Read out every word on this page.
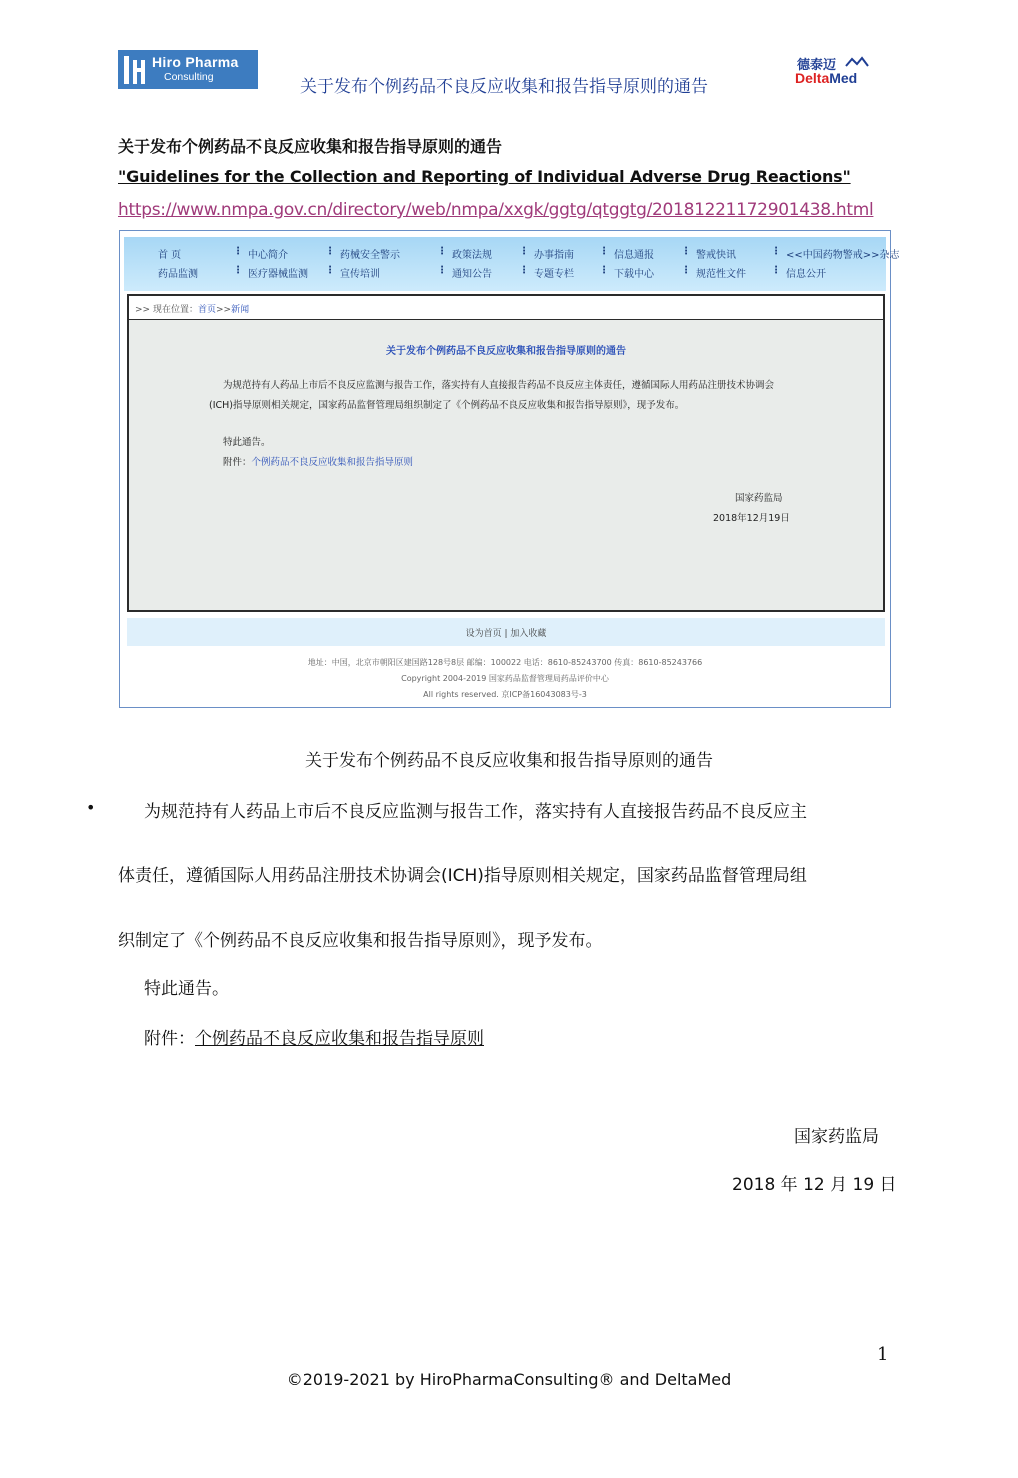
Hiro Pharma
Consulting	关于发布个例药品不良反应收集和报告指导原则的通告
德泰迈
DeltaMed
关于发布个例药品不良反应收集和报告指导原则的通告
"Guidelines for the Collection and Reporting of Individual Adverse Drug Reactions"
https://www.nmpa.gov.cn/directory/web/nmpa/xxgk/ggtg/qtggtg/20181221172901438.html
首 页	⋮ 中心简介	⋮ 药械安全警示	⋮ 政策法规	⋮ 办事指南	⋮ 信息通报	⋮ 警戒快讯	⋮ <<中国药物警戒>>杂志
药品监测	⋮ 医疗器械监测	⋮ 宣传培训	⋮ 通知公告	⋮ 专题专栏	⋮ 下载中心	⋮ 规范性文件	⋮ 信息公开
>> 现在位置：首页>>新闻
关于发布个例药品不良反应收集和报告指导原则的通告
为规范持有人药品上市后不良反应监测与报告工作，落实持有人直接报告药品不良反应主体责任，遵循国际人用药品注册技术协调会(ICH)指导原则相关规定，国家药品监督管理局组织制定了《个例药品不良反应收集和报告指导原则》，现予发布。
特此通告。
附件：个例药品不良反应收集和报告指导原则
国家药监局
2018年12月19日
设为首页 | 加入收藏
地址：中国，北京市朝阳区建国路128号8层 邮编：100022 电话：8610-85243700 传真：8610-85243766
Copyright 2004-2019 国家药品监督管理局药品评价中心
All rights reserved. 京ICP备16043083号-3
关于发布个例药品不良反应收集和报告指导原则的通告
•	为规范持有人药品上市后不良反应监测与报告工作，落实持有人直接报告药品不良反应主
体责任，遵循国际人用药品注册技术协调会(ICH)指导原则相关规定，国家药品监督管理局组
织制定了《个例药品不良反应收集和报告指导原则》，现予发布。
特此通告。
附件：个例药品不良反应收集和报告指导原则
国家药监局
2018 年 12 月 19 日
1
©2019-2021 by HiroPharmaConsulting® and DeltaMed
